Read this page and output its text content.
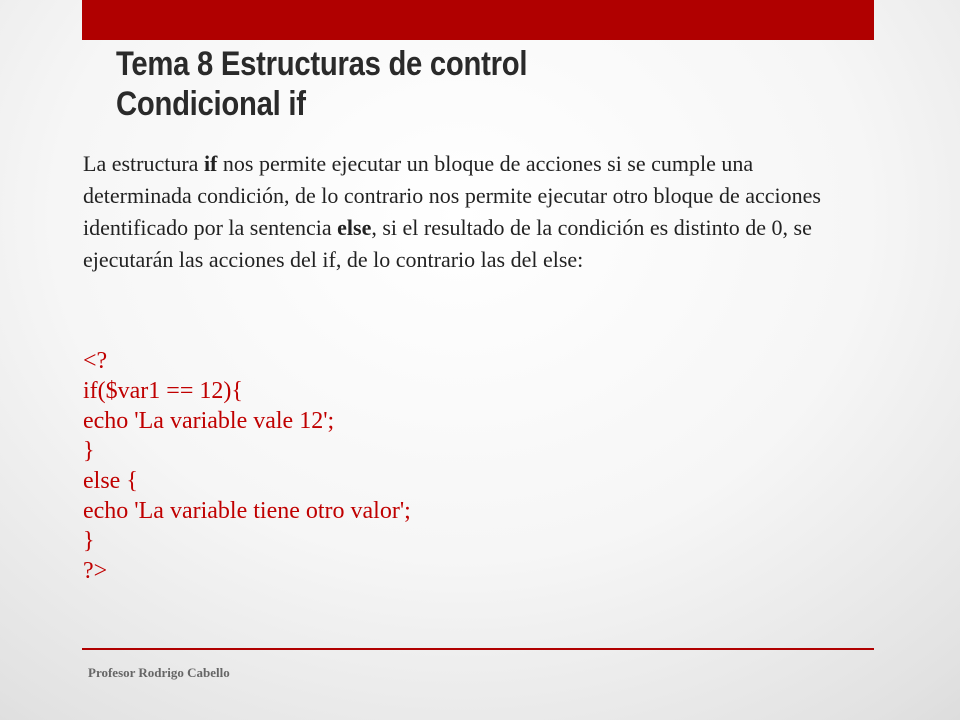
Tema 8 Estructuras de control
Condicional if

La estructura if nos permite ejecutar un bloque de acciones si se cumple una determinada condición, de lo contrario nos permite ejecutar otro bloque de acciones identificado por la sentencia else, si el resultado de la condición es distinto de 0, se ejecutarán las acciones del if, de lo contrario las del else:

<?
if($var1 == 12){
echo 'La variable vale 12';
}
else {
echo 'La variable tiene otro valor';
}
?>
Profesor Rodrigo Cabello
